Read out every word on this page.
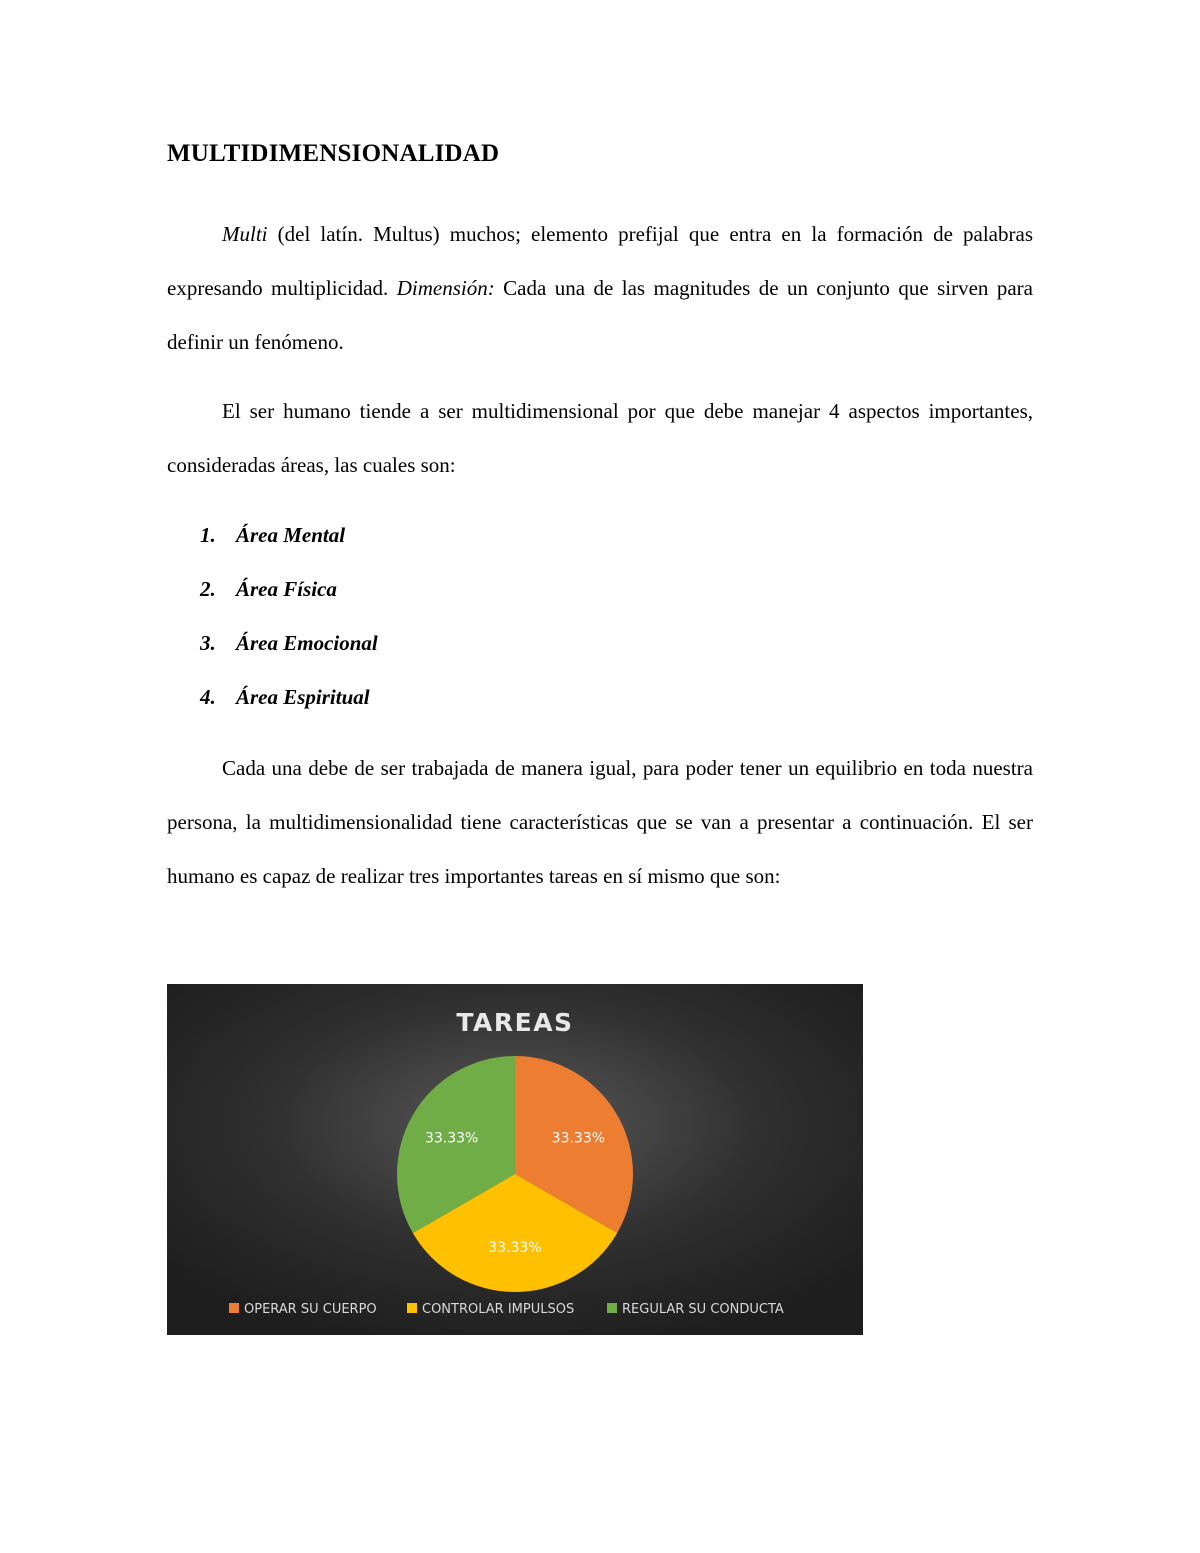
MULTIDIMENSIONALIDAD

Multi (del latín. Multus) muchos; elemento prefijal que entra en la formación de palabras expresando multiplicidad. Dimensión: Cada una de las magnitudes de un conjunto que sirven para definir un fenómeno.

El ser humano tiende a ser multidimensional por que debe manejar 4 aspectos importantes, consideradas áreas, las cuales son:

1. Área Mental
2. Área Física
3. Área Emocional
4. Área Espiritual

Cada una debe de ser trabajada de manera igual, para poder tener un equilibrio en toda nuestra persona, la multidimensionalidad tiene características que se van a presentar a continuación. El ser humano es capaz de realizar tres importantes tareas en sí mismo que son:

TAREAS
33.33%
33.33%
33.33%
OPERAR SU CUERPO	CONTROLAR IMPULSOS	REGULAR SU CONDUCTA
